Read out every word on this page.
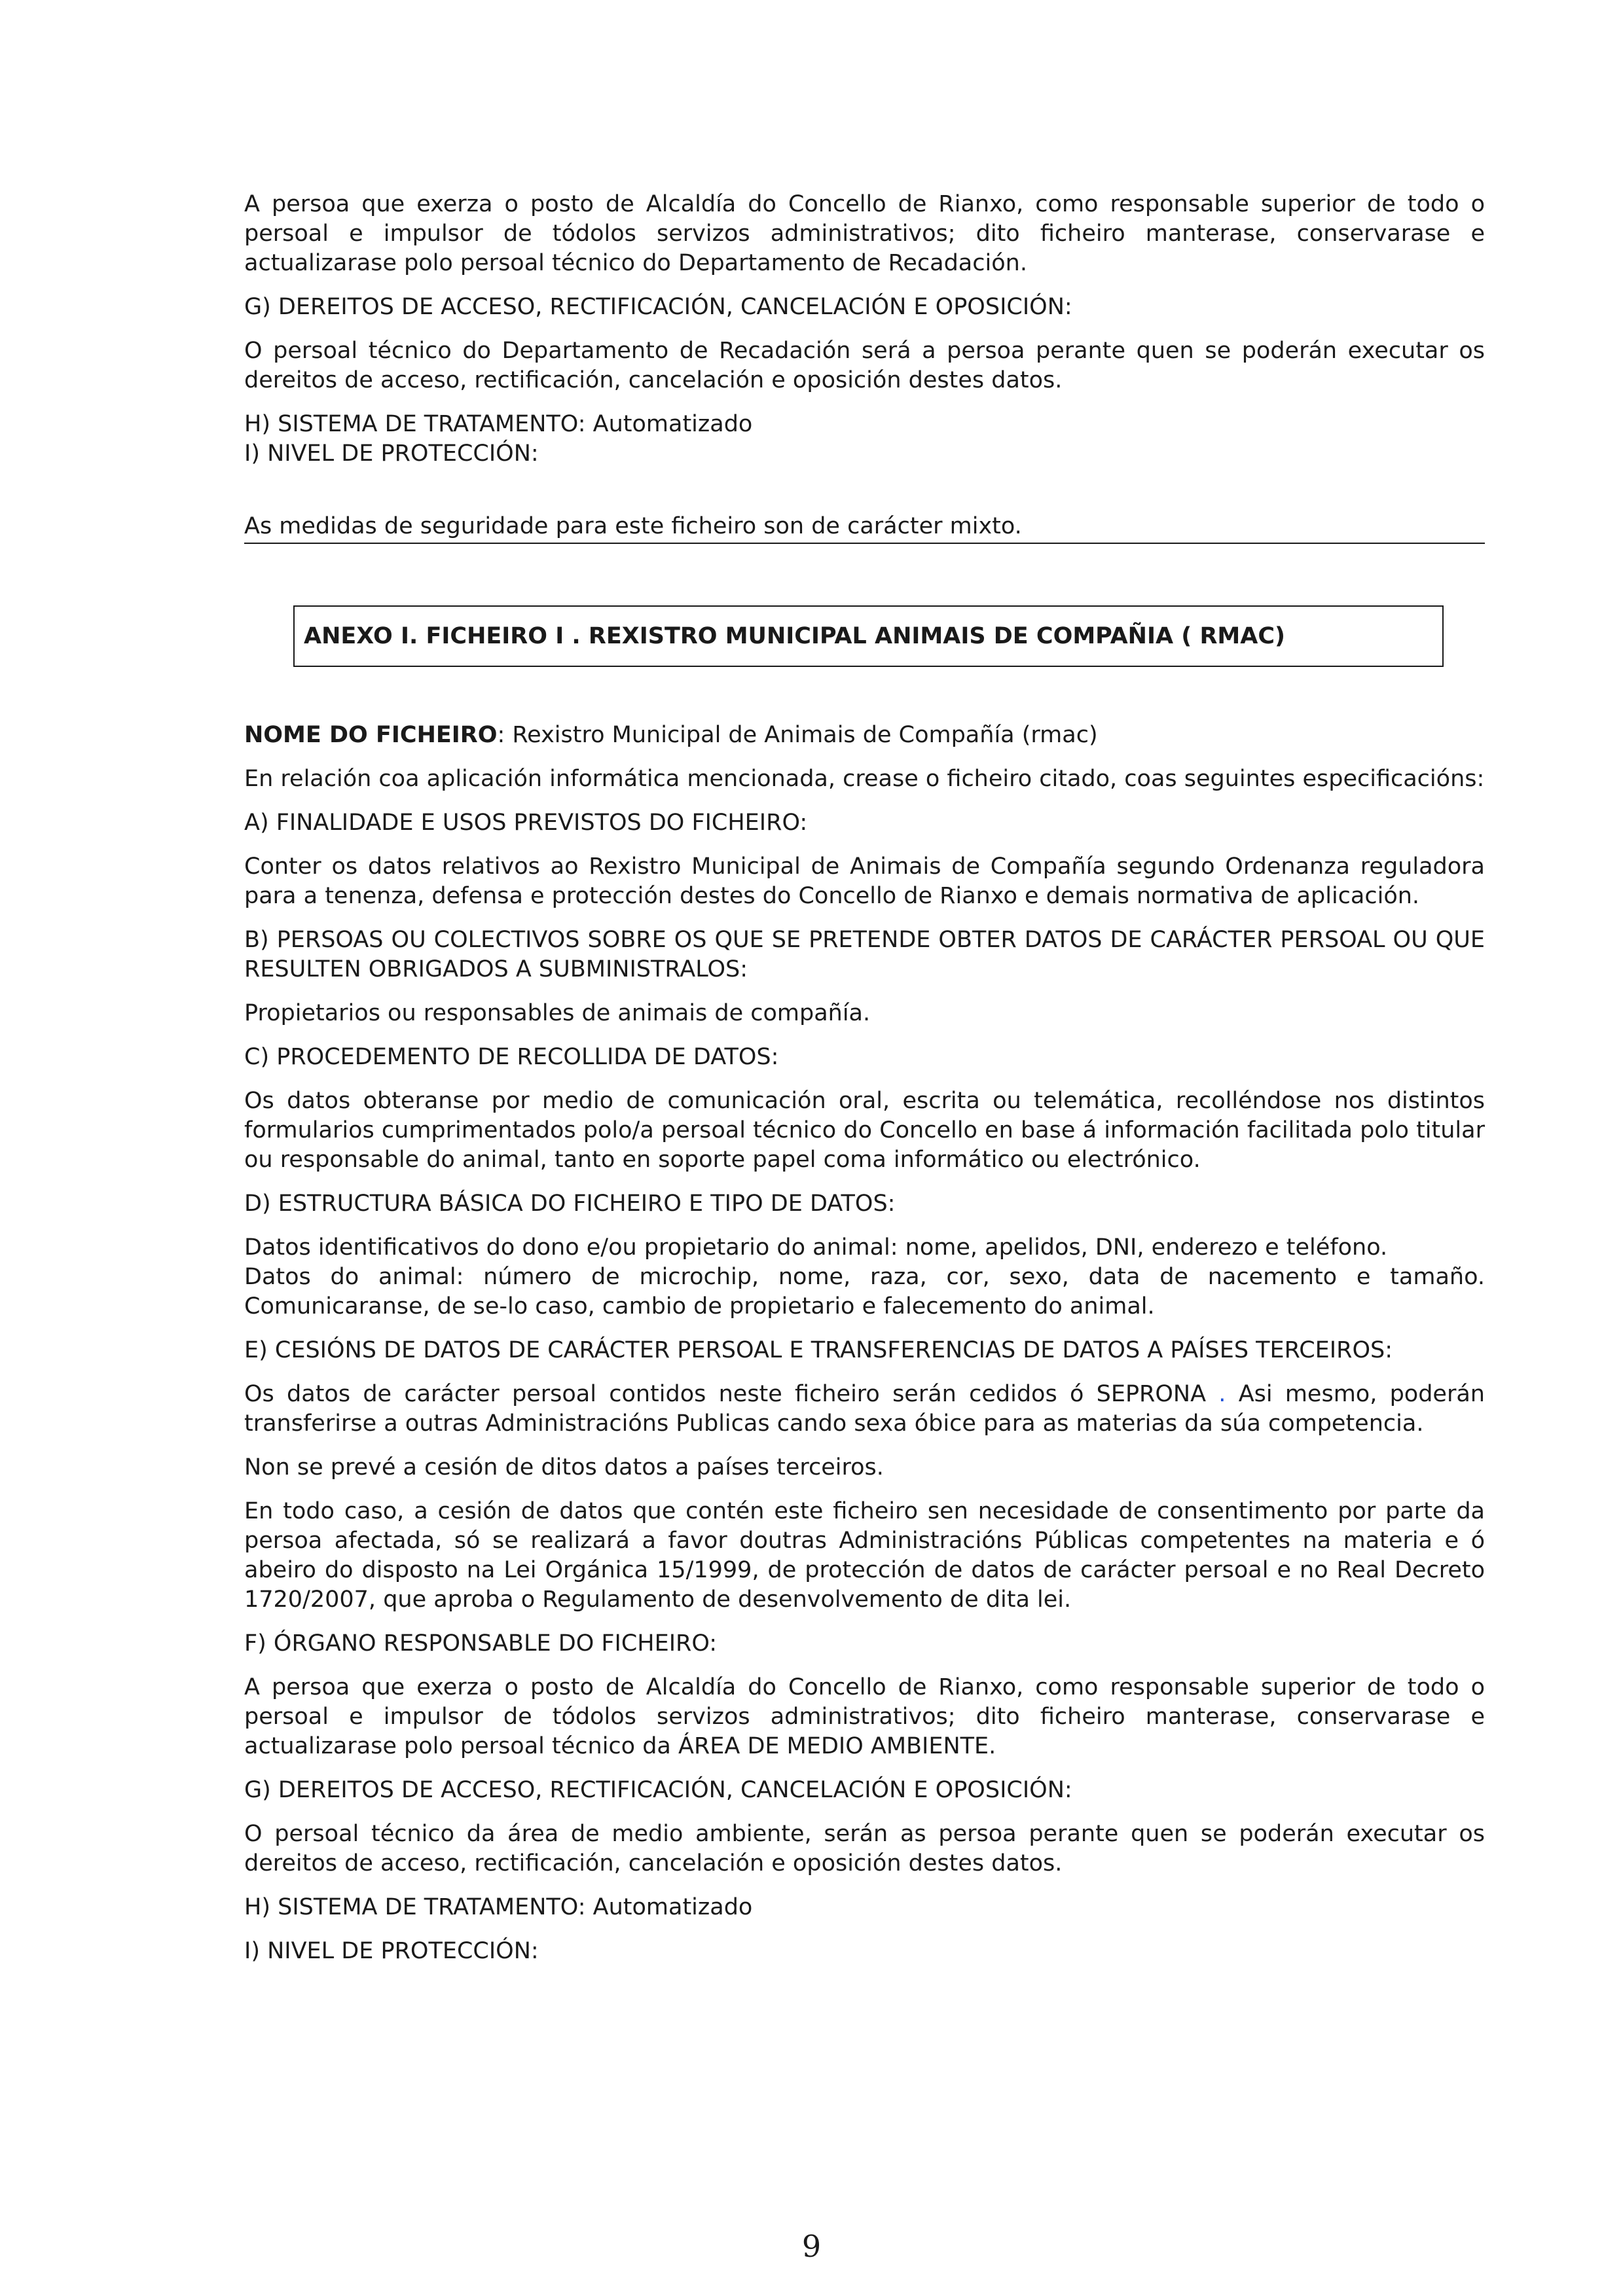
A persoa que exerza o posto de Alcaldía do Concello de Rianxo, como responsable superior de todo o persoal e impulsor de tódolos servizos administrativos; dito ficheiro manterase, conservarase e actualizarase polo persoal técnico do Departamento de Recadación.

G) DEREITOS DE ACCESO, RECTIFICACIÓN, CANCELACIÓN E OPOSICIÓN:

O persoal técnico do Departamento de Recadación será a persoa perante quen se poderán executar os dereitos de acceso, rectificación, cancelación e oposición destes datos.

H) SISTEMA DE TRATAMENTO: Automatizado

I) NIVEL DE PROTECCIÓN:

As medidas de seguridade para este ficheiro son de carácter mixto.

ANEXO I. FICHEIRO I . REXISTRO MUNICIPAL ANIMAIS DE COMPAÑIA ( RMAC)

NOME DO FICHEIRO: Rexistro Municipal de Animais de Compañía (rmac)

En relación coa aplicación informática mencionada, crease o ficheiro citado, coas seguintes especificacións:

A) FINALIDADE E USOS PREVISTOS DO FICHEIRO:

Conter os datos relativos ao Rexistro Municipal de Animais de Compañía segundo Ordenanza reguladora para a tenenza, defensa e protección destes do Concello de Rianxo e demais normativa de aplicación.

B) PERSOAS OU COLECTIVOS SOBRE OS QUE SE PRETENDE OBTER DATOS DE CARÁCTER PERSOAL OU QUE RESULTEN OBRIGADOS A SUBMINISTRALOS:

Propietarios ou responsables de animais de compañía.

C) PROCEDEMENTO DE RECOLLIDA DE DATOS:

Os datos obteranse por medio de comunicación oral, escrita ou telemática, recolléndose nos distintos formularios cumprimentados polo/a persoal técnico do Concello en base á información facilitada polo titular ou responsable do animal, tanto en soporte papel coma informático ou electrónico.

D) ESTRUCTURA BÁSICA DO FICHEIRO E TIPO DE DATOS:

Datos identificativos do dono e/ou propietario do animal: nome, apelidos, DNI, enderezo e teléfono.

Datos do animal: número de microchip, nome, raza, cor, sexo, data de nacemento e tamaño. Comunicaranse, de se-lo caso, cambio de propietario e falecemento do animal.

E) CESIÓNS DE DATOS DE CARÁCTER PERSOAL E TRANSFERENCIAS DE DATOS A PAÍSES TERCEIROS:

Os datos de carácter persoal contidos neste ficheiro serán cedidos ó SEPRONA . Asi mesmo, poderán transferirse a outras Administracións Publicas cando sexa óbice para as materias da súa competencia.

Non se prevé a cesión de ditos datos a países terceiros.

En todo caso, a cesión de datos que contén este ficheiro sen necesidade de consentimento por parte da persoa afectada, só se realizará a favor doutras Administracións Públicas competentes na materia e ó abeiro do disposto na Lei Orgánica 15/1999, de protección de datos de carácter persoal e no Real Decreto 1720/2007, que aproba o Regulamento de desenvolvemento de dita lei.

F) ÓRGANO RESPONSABLE DO FICHEIRO:

A persoa que exerza o posto de Alcaldía do Concello de Rianxo, como responsable superior de todo o persoal e impulsor de tódolos servizos administrativos; dito ficheiro manterase, conservarase e actualizarase polo persoal técnico da ÁREA DE MEDIO AMBIENTE.

G) DEREITOS DE ACCESO, RECTIFICACIÓN, CANCELACIÓN E OPOSICIÓN:

O persoal técnico da área de medio ambiente, serán as persoa perante quen se poderán executar os dereitos de acceso, rectificación, cancelación e oposición destes datos.

H) SISTEMA DE TRATAMENTO: Automatizado

I) NIVEL DE PROTECCIÓN:

9
